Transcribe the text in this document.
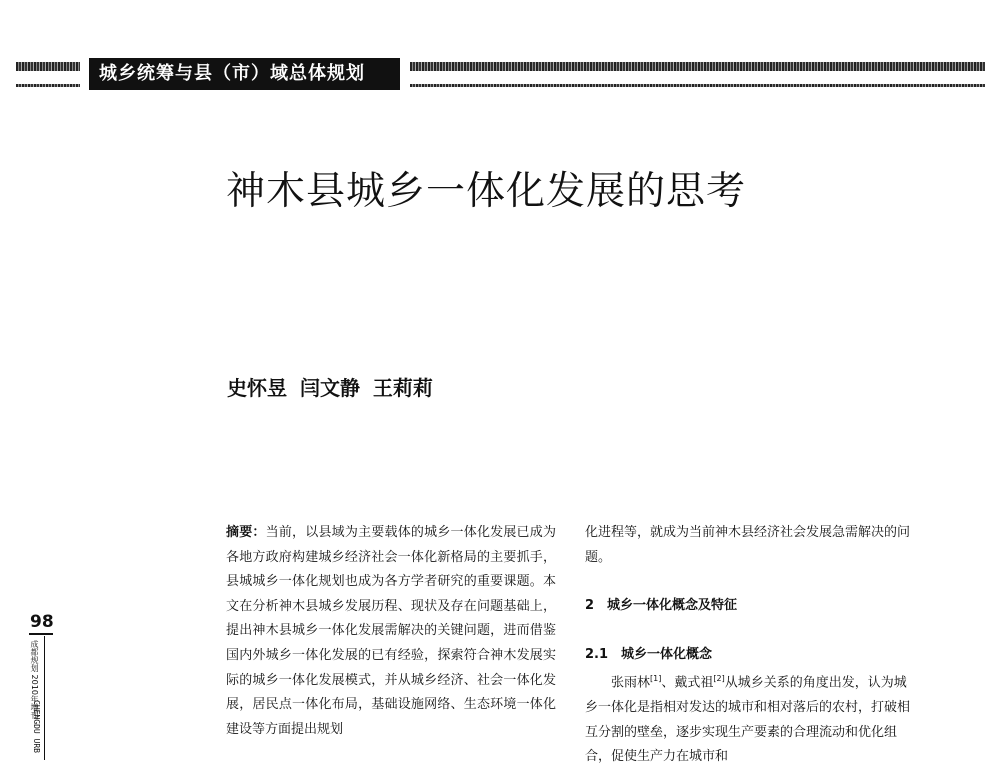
城乡统筹与县（市）域总体规划
神木县城乡一体化发展的思考
史怀昱 闫文静 王莉莉
98
成都规划 2010年增刊
CHENGDU URB
摘要：当前，以县域为主要载体的城乡一体化发展已成为各地方政府构建城乡经济社会一体化新格局的主要抓手，县城城乡一体化规划也成为各方学者研究的重要课题。本文在分析神木县城乡发展历程、现状及存在问题基础上，提出神木县城乡一体化发展需解决的关键问题，进而借鉴国内外城乡一体化发展的已有经验，探索符合神木发展实际的城乡一体化发展模式，并从城乡经济、社会一体化发展，居民点一体化布局，基础设施网络、生态环境一体化建设等方面提出规划

化进程等，就成为当前神木县经济社会发展急需解决的问题。

2　城乡一体化概念及特征

2.1　城乡一体化概念

张雨林[1]、戴式祖[2]从城乡关系的角度出发，认为城乡一体化是指相对发达的城市和相对落后的农村，打破相互分割的壁垒，逐步实现生产要素的合理流动和优化组合，促使生产力在城市和
